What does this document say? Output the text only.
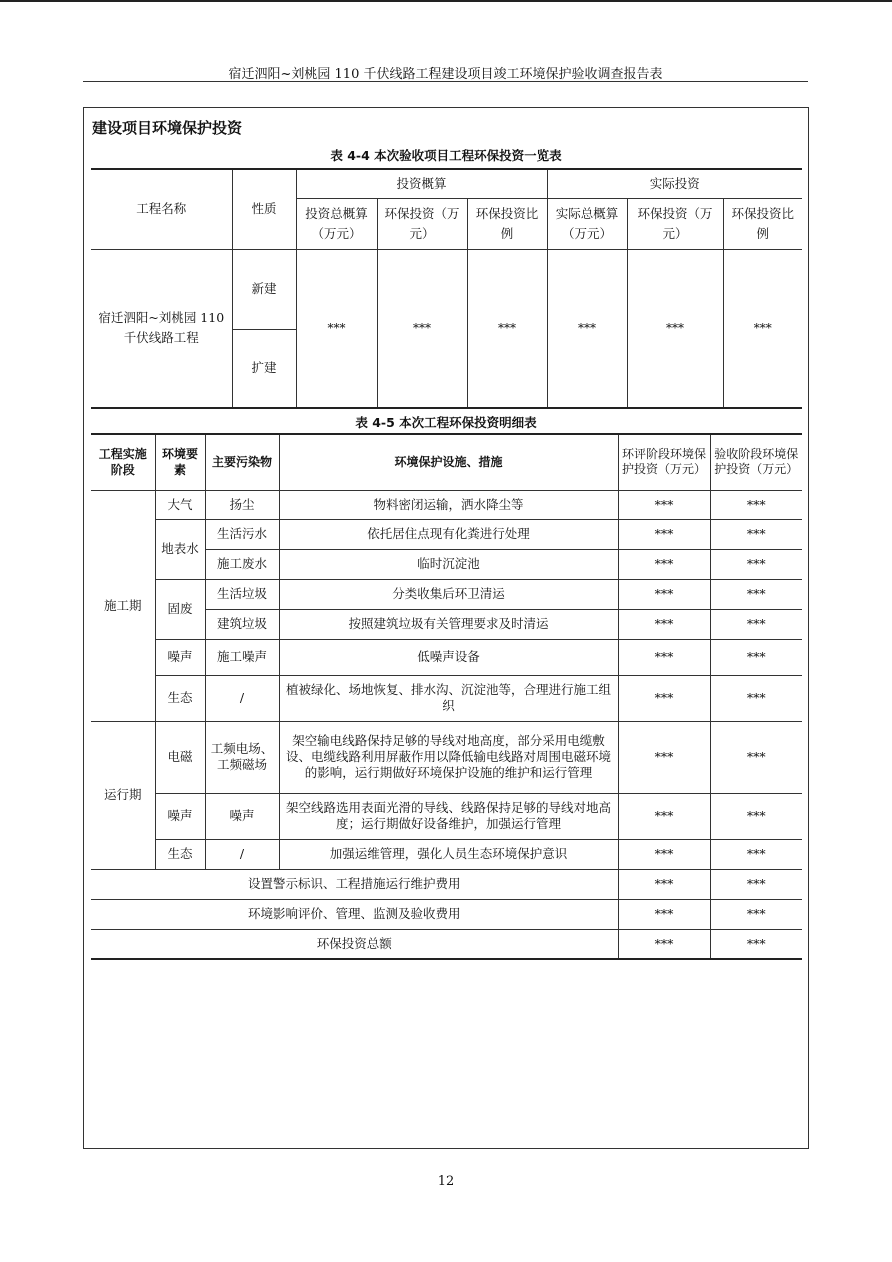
宿迁泗阳~刘桃园 110 千伏线路工程建设项目竣工环境保护验收调查报告表
建设项目环境保护投资
表 4-4 本次验收项目工程环保投资一览表
工程名称	性质	投资概算			实际投资		
		投资总概算（万元）	环保投资（万元）	环保投资比例	实际总概算（万元）	环保投资（万元）	环保投资比例
宿迁泗阳~刘桃园 110 千伏线路工程	新建	***	***	***	***	***	***
	扩建						
表 4-5 本次工程环保投资明细表
工程实施阶段	环境要素	主要污染物	环境保护设施、措施	环评阶段环境保护投资（万元）	验收阶段环境保护投资（万元）
施工期	大气	扬尘	物料密闭运输，洒水降尘等	***	***
	地表水	生活污水	依托居住点现有化粪进行处理	***	***
		施工废水	临时沉淀池	***	***
	固废	生活垃圾	分类收集后环卫清运	***	***
		建筑垃圾	按照建筑垃圾有关管理要求及时清运	***	***
	噪声	施工噪声	低噪声设备	***	***
	生态	/	植被绿化、场地恢复、排水沟、沉淀池等，合理进行施工组织	***	***
运行期	电磁	工频电场、工频磁场	架空输电线路保持足够的导线对地高度，部分采用电缆敷设、电缆线路利用屏蔽作用以降低输电线路对周围电磁环境的影响，运行期做好环境保护设施的维护和运行管理	***	***
	噪声	噪声	架空线路选用表面光滑的导线、线路保持足够的导线对地高度；运行期做好设备维护，加强运行管理	***	***
	生态	/	加强运维管理，强化人员生态环境保护意识	***	***
设置警示标识、工程措施运行维护费用				***	***
环境影响评价、管理、监测及验收费用				***	***
环保投资总额				***	***
12
